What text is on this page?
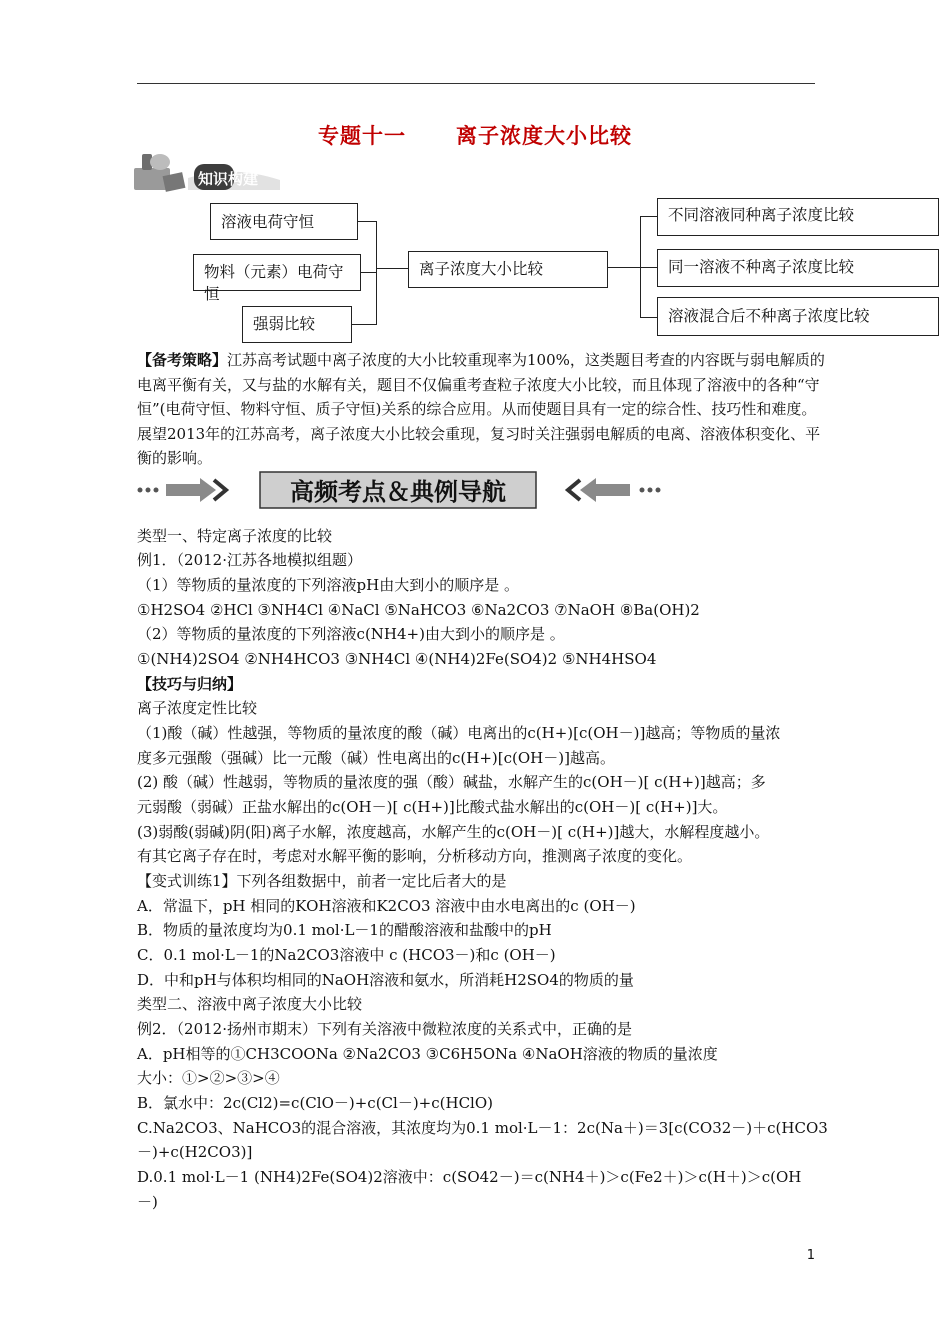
专题十一 离子浓度大小比较
知识构建
溶液电荷守恒
物料（元素）电荷守恒
强弱比较
离子浓度大小比较
不同溶液同种离子浓度比较
同一溶液不种离子浓度比较
溶液混合后不种离子浓度比较
【备考策略】江苏高考试题中离子浓度的大小比较重现率为100%，这类题目考查的内容既与弱电解质的电离平衡有关，又与盐的水解有关，题目不仅偏重考查粒子浓度大小比较，而且体现了溶液中的各种“守恒”(电荷守恒、物料守恒、质子守恒)关系的综合应用。从而使题目具有一定的综合性、技巧性和难度。展望2013年的江苏高考，离子浓度大小比较会重现，复习时关注强弱电解质的电离、溶液体积变化、平衡的影响。
高频考点＆典例导航
类型一、特定离子浓度的比较
例1．（2012·江苏各地模拟组题）
（1）等物质的量浓度的下列溶液pH由大到小的顺序是 。
①H2SO4 ②HCl ③NH4Cl ④NaCl ⑤NaHCO3 ⑥Na2CO3 ⑦NaOH ⑧Ba(OH)2
（2）等物质的量浓度的下列溶液c(NH4+)由大到小的顺序是 。
①(NH4)2SO4 ②NH4HCO3 ③NH4Cl ④(NH4)2Fe(SO4)2 ⑤NH4HSO4
【技巧与归纳】
离子浓度定性比较
（1)酸（碱）性越强，等物质的量浓度的酸（碱）电离出的c(H+)[c(OH－)]越高；等物质的量浓
度多元强酸（强碱）比一元酸（碱）性电离出的c(H+)[c(OH－)]越高。
(2) 酸（碱）性越弱，等物质的量浓度的强（酸）碱盐，水解产生的c(OH－)[ c(H+)]越高；多
元弱酸（弱碱）正盐水解出的c(OH－)[ c(H+)]比酸式盐水解出的c(OH－)[ c(H+)]大。
(3)弱酸(弱碱)阴(阳)离子水解，浓度越高，水解产生的c(OH－)[ c(H+)]越大，水解程度越小。
有其它离子存在时，考虑对水解平衡的影响，分析移动方向，推测离子浓度的变化。
【变式训练1】下列各组数据中，前者一定比后者大的是
A．常温下，pH 相同的KOH溶液和K2CO3 溶液中由水电离出的c (OH－)
B．物质的量浓度均为0.1 mol·L－1的醋酸溶液和盐酸中的pH
C．0.1 mol·L－1的Na2CO3溶液中 c (HCO3－)和c (OH－)
D．中和pH与体积均相同的NaOH溶液和氨水，所消耗H2SO4的物质的量
类型二、溶液中离子浓度大小比较
例2．（2012·扬州市期末）下列有关溶液中微粒浓度的关系式中，正确的是
A．pH相等的①CH3COONa ②Na2CO3 ③C6H5ONa ④NaOH溶液的物质的量浓度
大小：①>②>③>④
B．氯水中：2c(Cl2)=c(ClO－)+c(Cl－)+c(HClO)
C.Na2CO3、NaHCO3的混合溶液，其浓度均为0.1 mol·L－1：2c(Na＋)＝3[c(CO32－)＋c(HCO3
－)+c(H2CO3)]
D.0.1 mol·L－1 (NH4)2Fe(SO4)2溶液中：c(SO42－)＝c(NH4＋)＞c(Fe2＋)＞c(H＋)＞c(OH
－)
1
